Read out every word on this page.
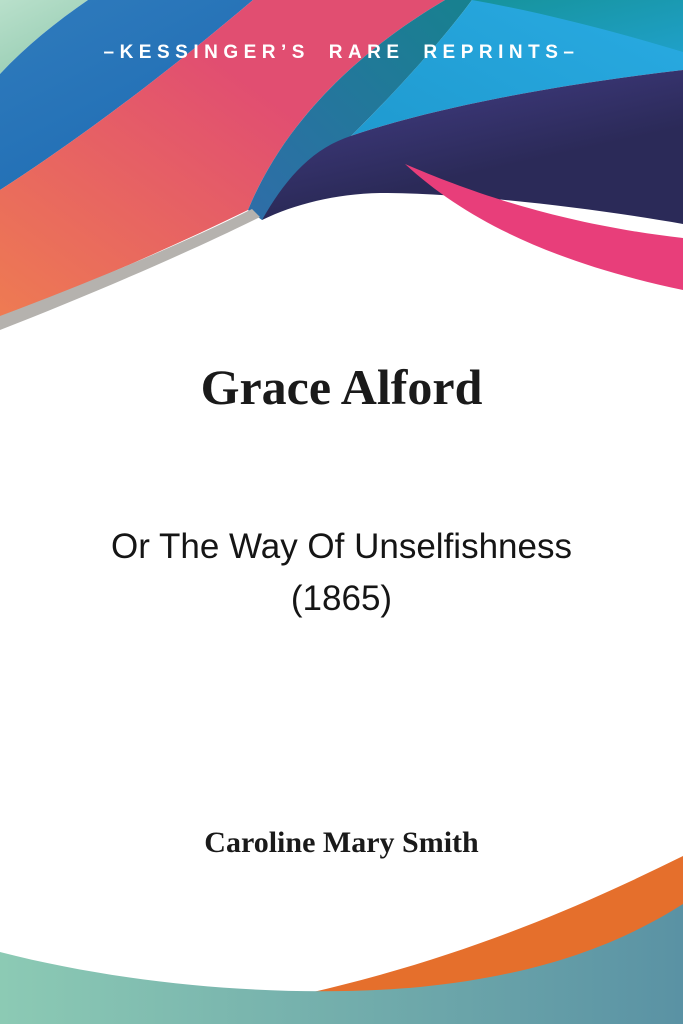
–KESSINGER’S RARE REPRINTS–
Grace Alford
Or The Way Of Unselfishness
(1865)
Caroline Mary Smith
